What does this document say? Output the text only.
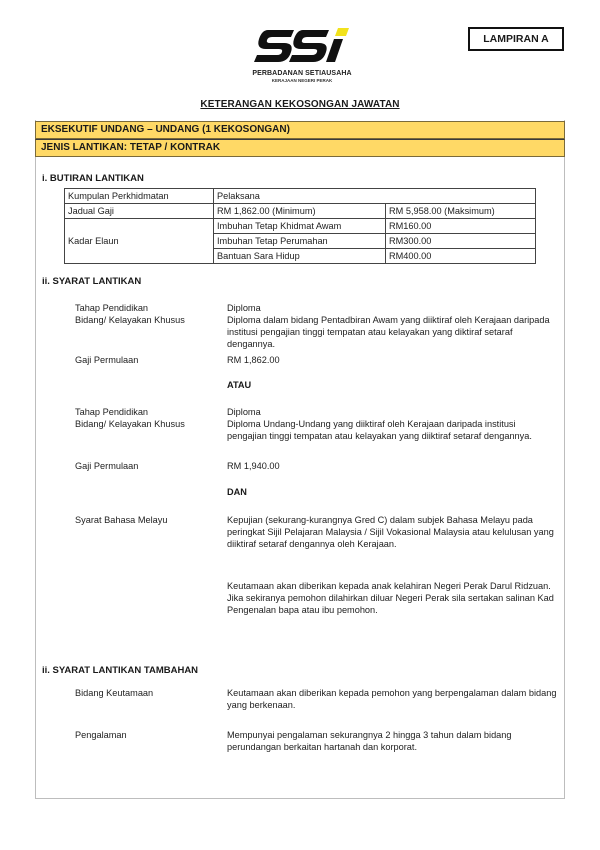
PERBADANAN SETIAUSAHA
KERAJAAN NEGERI PERAK
LAMPIRAN A
KETERANGAN KEKOSONGAN JAWATAN
EKSEKUTIF UNDANG – UNDANG (1 KEKOSONGAN)
JENIS LANTIKAN: TETAP / KONTRAK
i. BUTIRAN LANTIKAN
Kumpulan Perkhidmatan	Pelaksana	
Jadual Gaji	RM 1,862.00 (Minimum)	RM 5,958.00 (Maksimum)
Kadar Elaun	Imbuhan Tetap Khidmat Awam	RM160.00
	Imbuhan Tetap Perumahan	RM300.00
	Bantuan Sara Hidup	RM400.00
ii. SYARAT LANTIKAN
Tahap Pendidikan	Diploma
Bidang/ Kelayakan Khusus	Diploma dalam bidang Pentadbiran Awam yang diiktiraf oleh Kerajaan daripada institusi pengajian tinggi tempatan atau kelayakan yang diktiraf setaraf dengannya.
Gaji Permulaan	RM 1,862.00
ATAU
Tahap Pendidikan	Diploma
Bidang/ Kelayakan Khusus	Diploma Undang-Undang yang diiktiraf oleh Kerajaan daripada institusi pengajian tinggi tempatan atau kelayakan yang diiktiraf setaraf dengannya.
Gaji Permulaan	RM 1,940.00
DAN
Syarat Bahasa Melayu	Kepujian (sekurang-kurangnya Gred C) dalam subjek Bahasa Melayu pada peringkat Sijil Pelajaran Malaysia / Sijil Vokasional Malaysia atau kelulusan yang diiktiraf setaraf dengannya oleh Kerajaan.
Keutamaan akan diberikan kepada anak kelahiran Negeri Perak Darul Ridzuan. Jika sekiranya pemohon dilahirkan diluar Negeri Perak sila sertakan salinan Kad Pengenalan bapa atau ibu pemohon.
ii. SYARAT LANTIKAN TAMBAHAN
Bidang Keutamaan	Keutamaan akan diberikan kepada pemohon yang berpengalaman dalam bidang yang berkenaan.
Pengalaman	Mempunyai pengalaman sekurangnya 2 hingga 3 tahun dalam bidang perundangan berkaitan hartanah dan korporat.
